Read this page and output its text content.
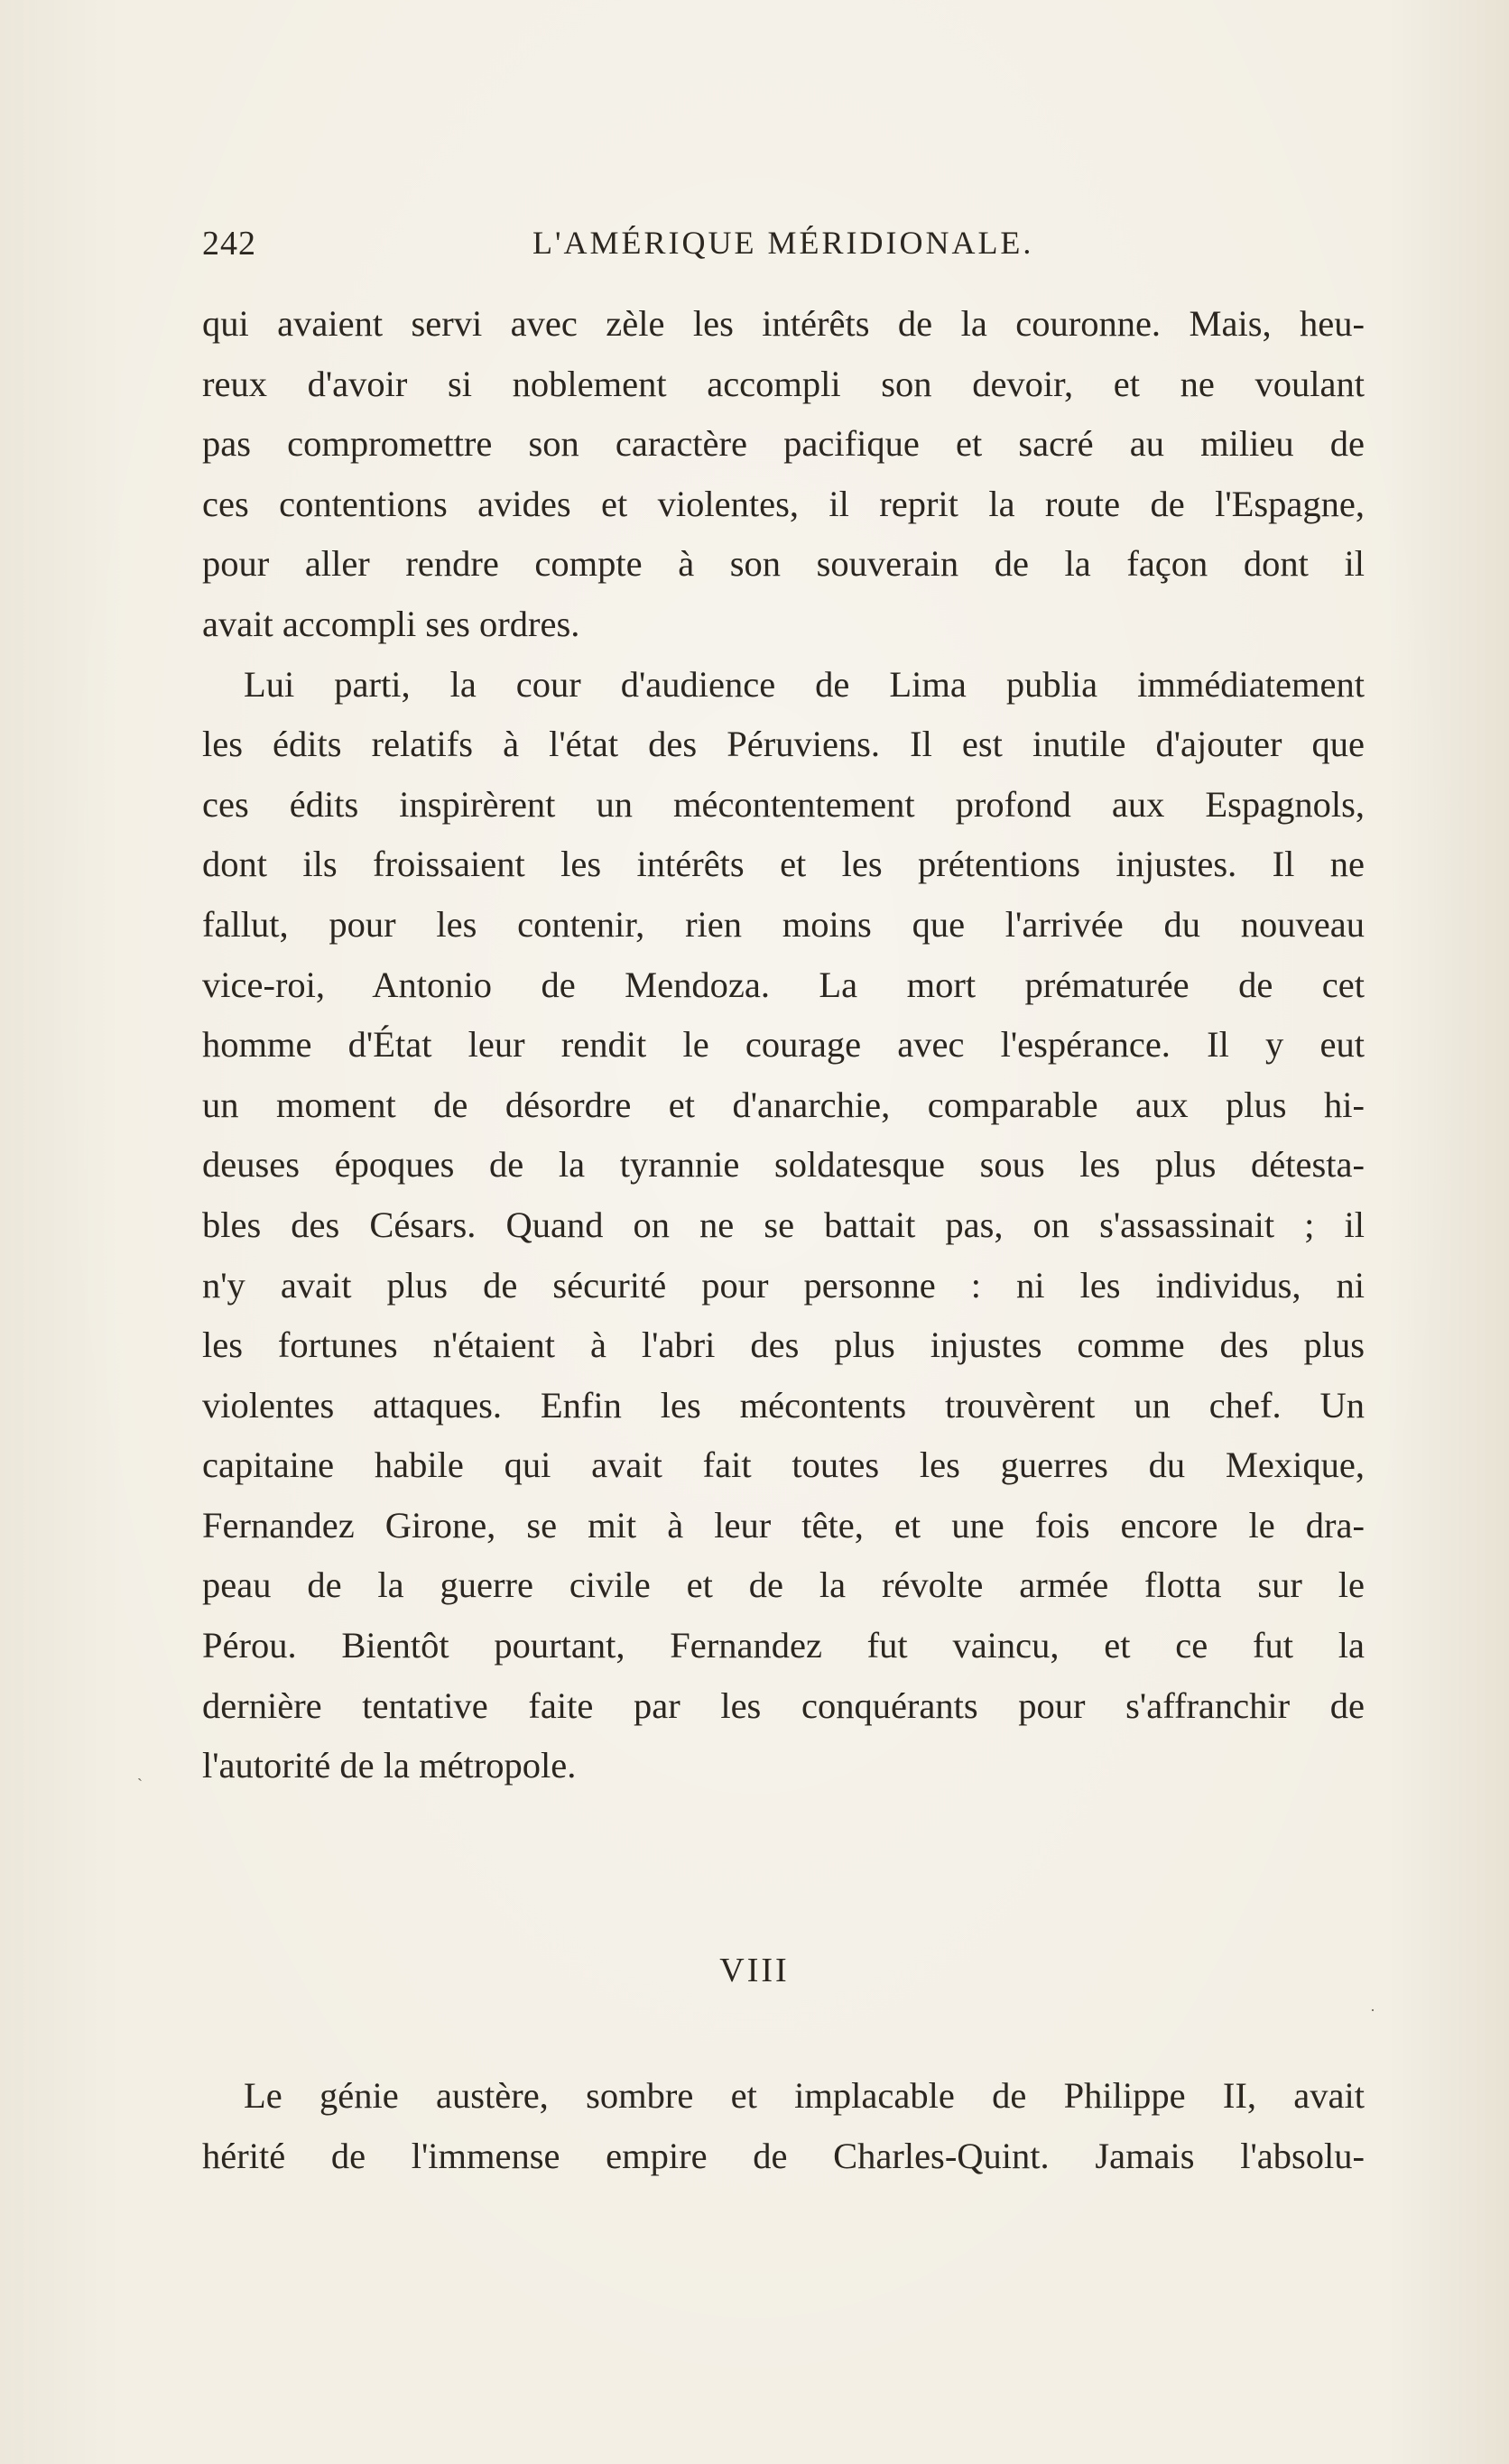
242	L'AMÉRIQUE MÉRIDIONALE.
qui avaient servi avec zèle les intérêts de la couronne. Mais, heu-
reux d'avoir si noblement accompli son devoir, et ne voulant
pas compromettre son caractère pacifique et sacré au milieu de
ces contentions avides et violentes, il reprit la route de l'Espagne,
pour aller rendre compte à son souverain de la façon dont il
avait accompli ses ordres.
Lui parti, la cour d'audience de Lima publia immédiatement
les édits relatifs à l'état des Péruviens. Il est inutile d'ajouter que
ces édits inspirèrent un mécontentement profond aux Espagnols,
dont ils froissaient les intérêts et les prétentions injustes. Il ne
fallut, pour les contenir, rien moins que l'arrivée du nouveau
vice-roi, Antonio de Mendoza. La mort prématurée de cet
homme d'État leur rendit le courage avec l'espérance. Il y eut
un moment de désordre et d'anarchie, comparable aux plus hi-
deuses époques de la tyrannie soldatesque sous les plus détesta-
bles des Césars. Quand on ne se battait pas, on s'assassinait ; il
n'y avait plus de sécurité pour personne : ni les individus, ni
les fortunes n'étaient à l'abri des plus injustes comme des plus
violentes attaques. Enfin les mécontents trouvèrent un chef. Un
capitaine habile qui avait fait toutes les guerres du Mexique,
Fernandez Girone, se mit à leur tête, et une fois encore le dra-
peau de la guerre civile et de la révolte armée flotta sur le
Pérou. Bientôt pourtant, Fernandez fut vaincu, et ce fut la
dernière tentative faite par les conquérants pour s'affranchir de
l'autorité de la métropole.
VIII
Le génie austère, sombre et implacable de Philippe II, avait
hérité de l'immense empire de Charles-Quint. Jamais l'absolu-
`
·
